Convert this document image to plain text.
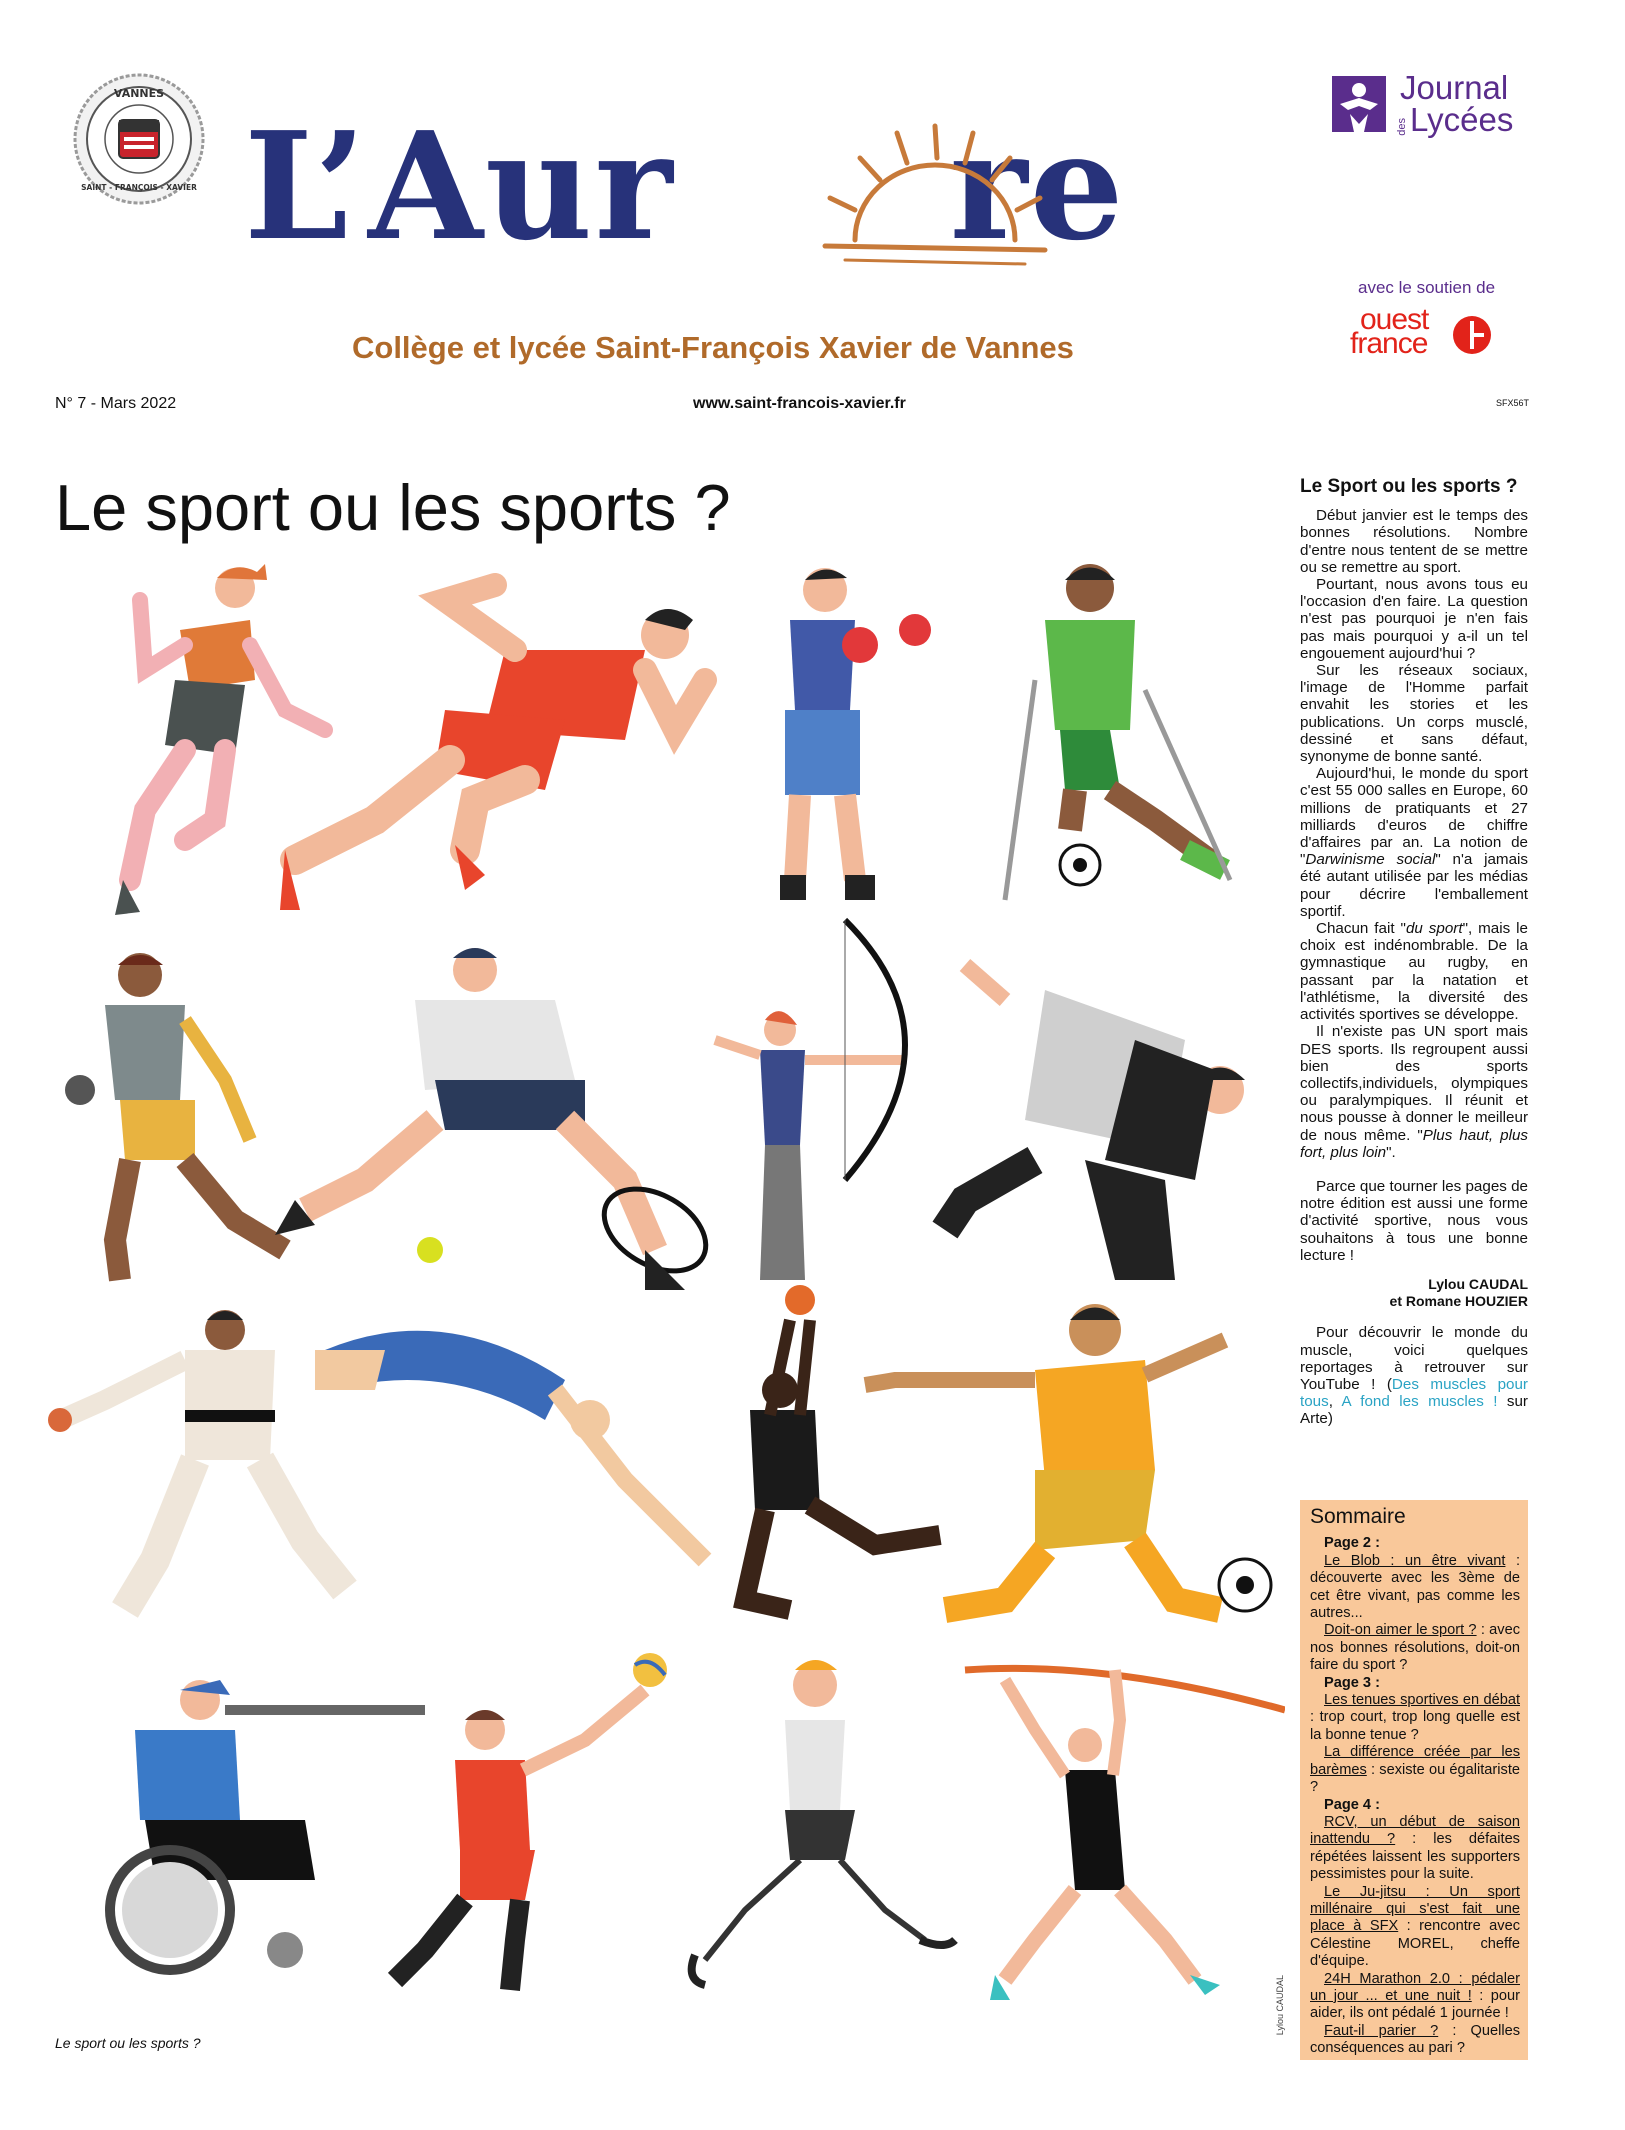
VANNES
SAINT - FRANÇOIS - XAVIER L’Aur re
Collège et lycée Saint-François Xavier de Vannes
Journal
Lycées
des
avec le soutien de
ouest
france
N° 7 - Mars 2022	www.saint-francois-xavier.fr	SFX56T
Le sport ou les sports ?
Le sport ou les sports ?
Lylou CAUDAL
Le Sport ou les sports ?

Début janvier est le temps des bonnes résolutions. Nombre d'entre nous tentent de se mettre ou se remettre au sport.

Pourtant, nous avons tous eu l'occasion d'en faire. La question n'est pas pourquoi je n'en fais pas mais pourquoi y a-il un tel engouement aujourd'hui ?

Sur les réseaux sociaux, l'image de l'Homme parfait envahit les stories et les publications. Un corps musclé, dessiné et sans défaut, synonyme de bonne santé.

Aujourd'hui, le monde du sport c'est 55 000 salles en Europe, 60 millions de pratiquants et 27 milliards d'euros de chiffre d'affaires par an. La notion de "Darwinisme social" n'a jamais été autant utilisée par les médias pour décrire l'emballement sportif.

Chacun fait "du sport", mais le choix est indénombrable. De la gymnastique au rugby, en passant par la natation et l'athlétisme, la diversité des activités sportives se développe.

Il n'existe pas UN sport mais DES sports. Ils regroupent aussi bien des sports collectifs,individuels, olympiques ou paralympiques. Il réunit et nous pousse à donner le meilleur de nous même. "Plus haut, plus fort, plus loin".

Parce que tourner les pages de notre édition est aussi une forme d'activité sportive, nous vous souhaitons à tous une bonne lecture !

Lylou CAUDAL

et Romane HOUZIER

Pour découvrir le monde du muscle, voici quelques reportages à retrouver sur YouTube ! (Des muscles pour tous, A fond les muscles ! sur Arte)

Sommaire
Page 2 :
Le Blob : un être vivant : découverte avec les 3ème de cet être vivant, pas comme les autres...
Doit-on aimer le sport ? : avec nos bonnes résolutions, doit-on faire du sport ?
Page 3 :
Les tenues sportives en débat : trop court, trop long quelle est la bonne tenue ?
La différence créée par les barèmes : sexiste ou égalitariste ?
Page 4 :
RCV, un début de saison inattendu ? : les défaites répétées laissent les supporters pessimistes pour la suite.
Le Ju-jitsu : Un sport millénaire qui s'est fait une place à SFX : rencontre avec Célestine MOREL, cheffe d'équipe.
24H Marathon 2.0 : pédaler un jour ... et une nuit ! : pour aider, ils ont pédalé 1 journée !
Faut-il parier ? : Quelles conséquences au pari ?
